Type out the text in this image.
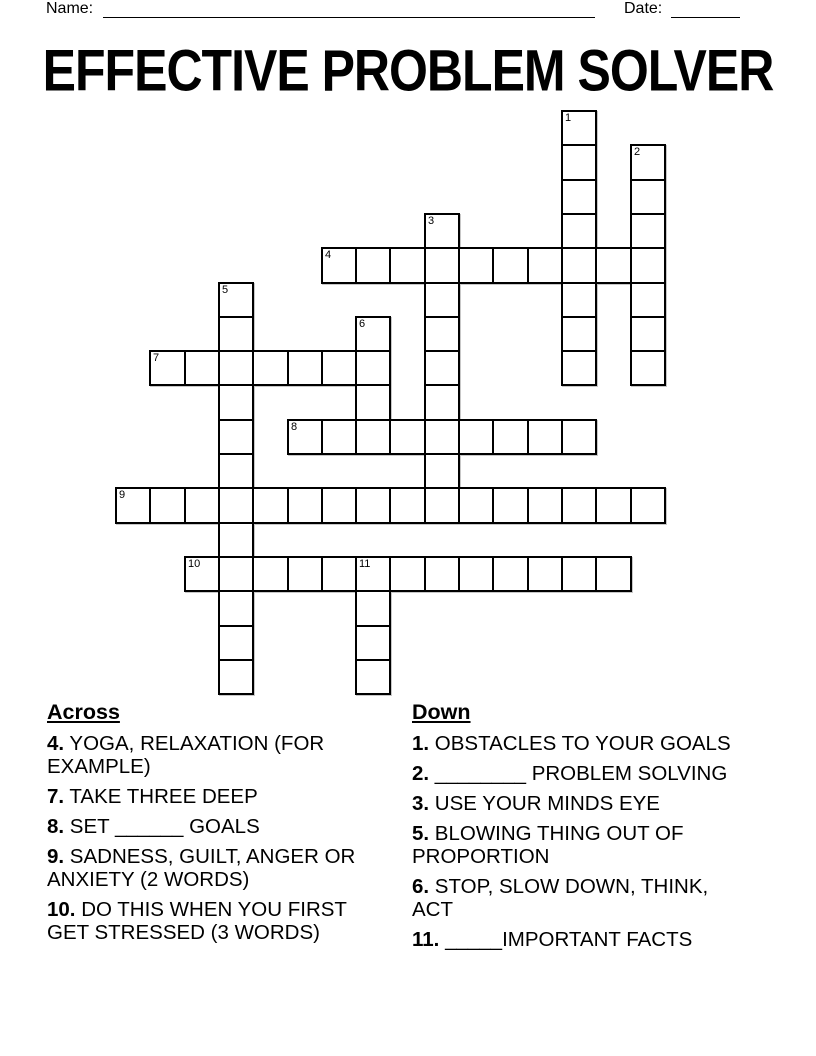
Name:	Date:
EFFECTIVE PROBLEM SOLVER
1
2
3
4
5
6
7
8
9
10	11
Across
4. YOGA, RELAXATION (FOR EXAMPLE)
7. TAKE THREE DEEP
8. SET ______ GOALS
9. SADNESS, GUILT, ANGER OR ANXIETY (2 WORDS)
10. DO THIS WHEN YOU FIRST GET STRESSED (3 WORDS)
Down
1. OBSTACLES TO YOUR GOALS
2. ________ PROBLEM SOLVING
3. USE YOUR MINDS EYE
5. BLOWING THING OUT OF PROPORTION
6. STOP, SLOW DOWN, THINK, ACT
11. _____IMPORTANT FACTS
